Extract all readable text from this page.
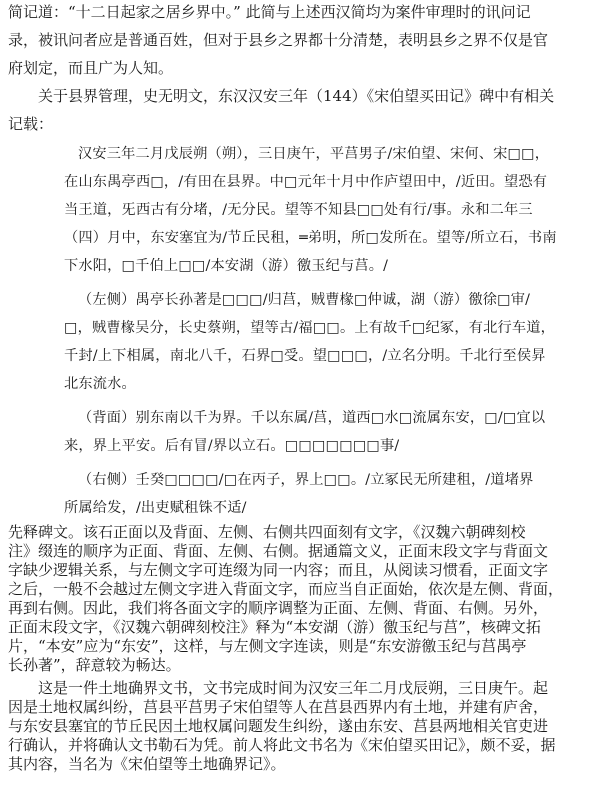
简记道：“十二日起家之居乡界中。” 此简与上述西汉简均为案件审理时的讯问记
录，被讯问者应是普通百姓，但对于县乡之界都十分清楚，表明县乡之界不仅是官
府划定，而且广为人知。
关于县界管理，史无明文，东汉汉安三年（144）《宋伯望买田记》碑中有相关
记载：
汉安三年二月戊辰朔（朔），三日庚午，平莒男子/宋伯望、宋何、宋□□，
在山东禺亭西□，/有田在县界。中□元年十月中作庐望田中，/近田。望恐有
当王道，旡西古有分堵，/无分民。望等不知县□□处有行/事。永和二年三
（四）月中，东安塞宜为/节丘民租，═弟明，所□发所在。望等/所立石，书南
下水阳，□千伯上□□/本安湖（游）徼玉纪与莒。/
（左侧）禺亭长孙著是□□□/归莒，贼曹椽□仲诚，湖（游）徼徐□审/
□，贼曹椽吴分，长史蔡朔，望等古/福□□。上有故千□纪冢，有北行车道，
千封/上下相属，南北八千，石界□受。望□□□，/立名分明。千北行至侯昇
北东流水。
（背面）别东南以千为界。千以东属/莒，道西□水□流属东安，□/□宜以
来，界上平安。后有冒/界以立石。□□□□□□□事/
（右侧）壬癸□□□□/□在丙子，界上□□。/立冢民无所建租，/道堵界
所属给发，/出吏赋租铢不适/
先释碑文。该石正面以及背面、左侧、右侧共四面刻有文字，《汉魏六朝碑刻校
注》缀连的顺序为正面、背面、左侧、右侧。据通篇文义，正面末段文字与背面文
字缺少逻辑关系，与左侧文字可连缀为同一内容；而且，从阅读习惯看，正面文字
之后，一般不会越过左侧文字进入背面文字，而应当自正面始，依次是左侧、背面，
再到右侧。因此，我们将各面文字的顺序调整为正面、左侧、背面、右侧。另外，
正面末段文字，《汉魏六朝碑刻校注》释为“本安湖（游）徼玉纪与莒”，核碑文拓
片，“本安”应为“东安”，这样，与左侧文字连读，则是“东安游徼玉纪与莒禺亭
长孙著”，辞意较为畅达。
这是一件土地确界文书，文书完成时间为汉安三年二月戊辰朔，三日庚午。起
因是土地权属纠纷，莒县平莒男子宋伯望等人在莒县西界内有土地，并建有庐舍，
与东安县塞宜的节丘民因土地权属问题发生纠纷，遂由东安、莒县两地相关官吏进
行确认，并将确认文书勒石为凭。前人将此文书名为《宋伯望买田记》，颇不妥，据
其内容，当名为《宋伯望等土地确界记》。
